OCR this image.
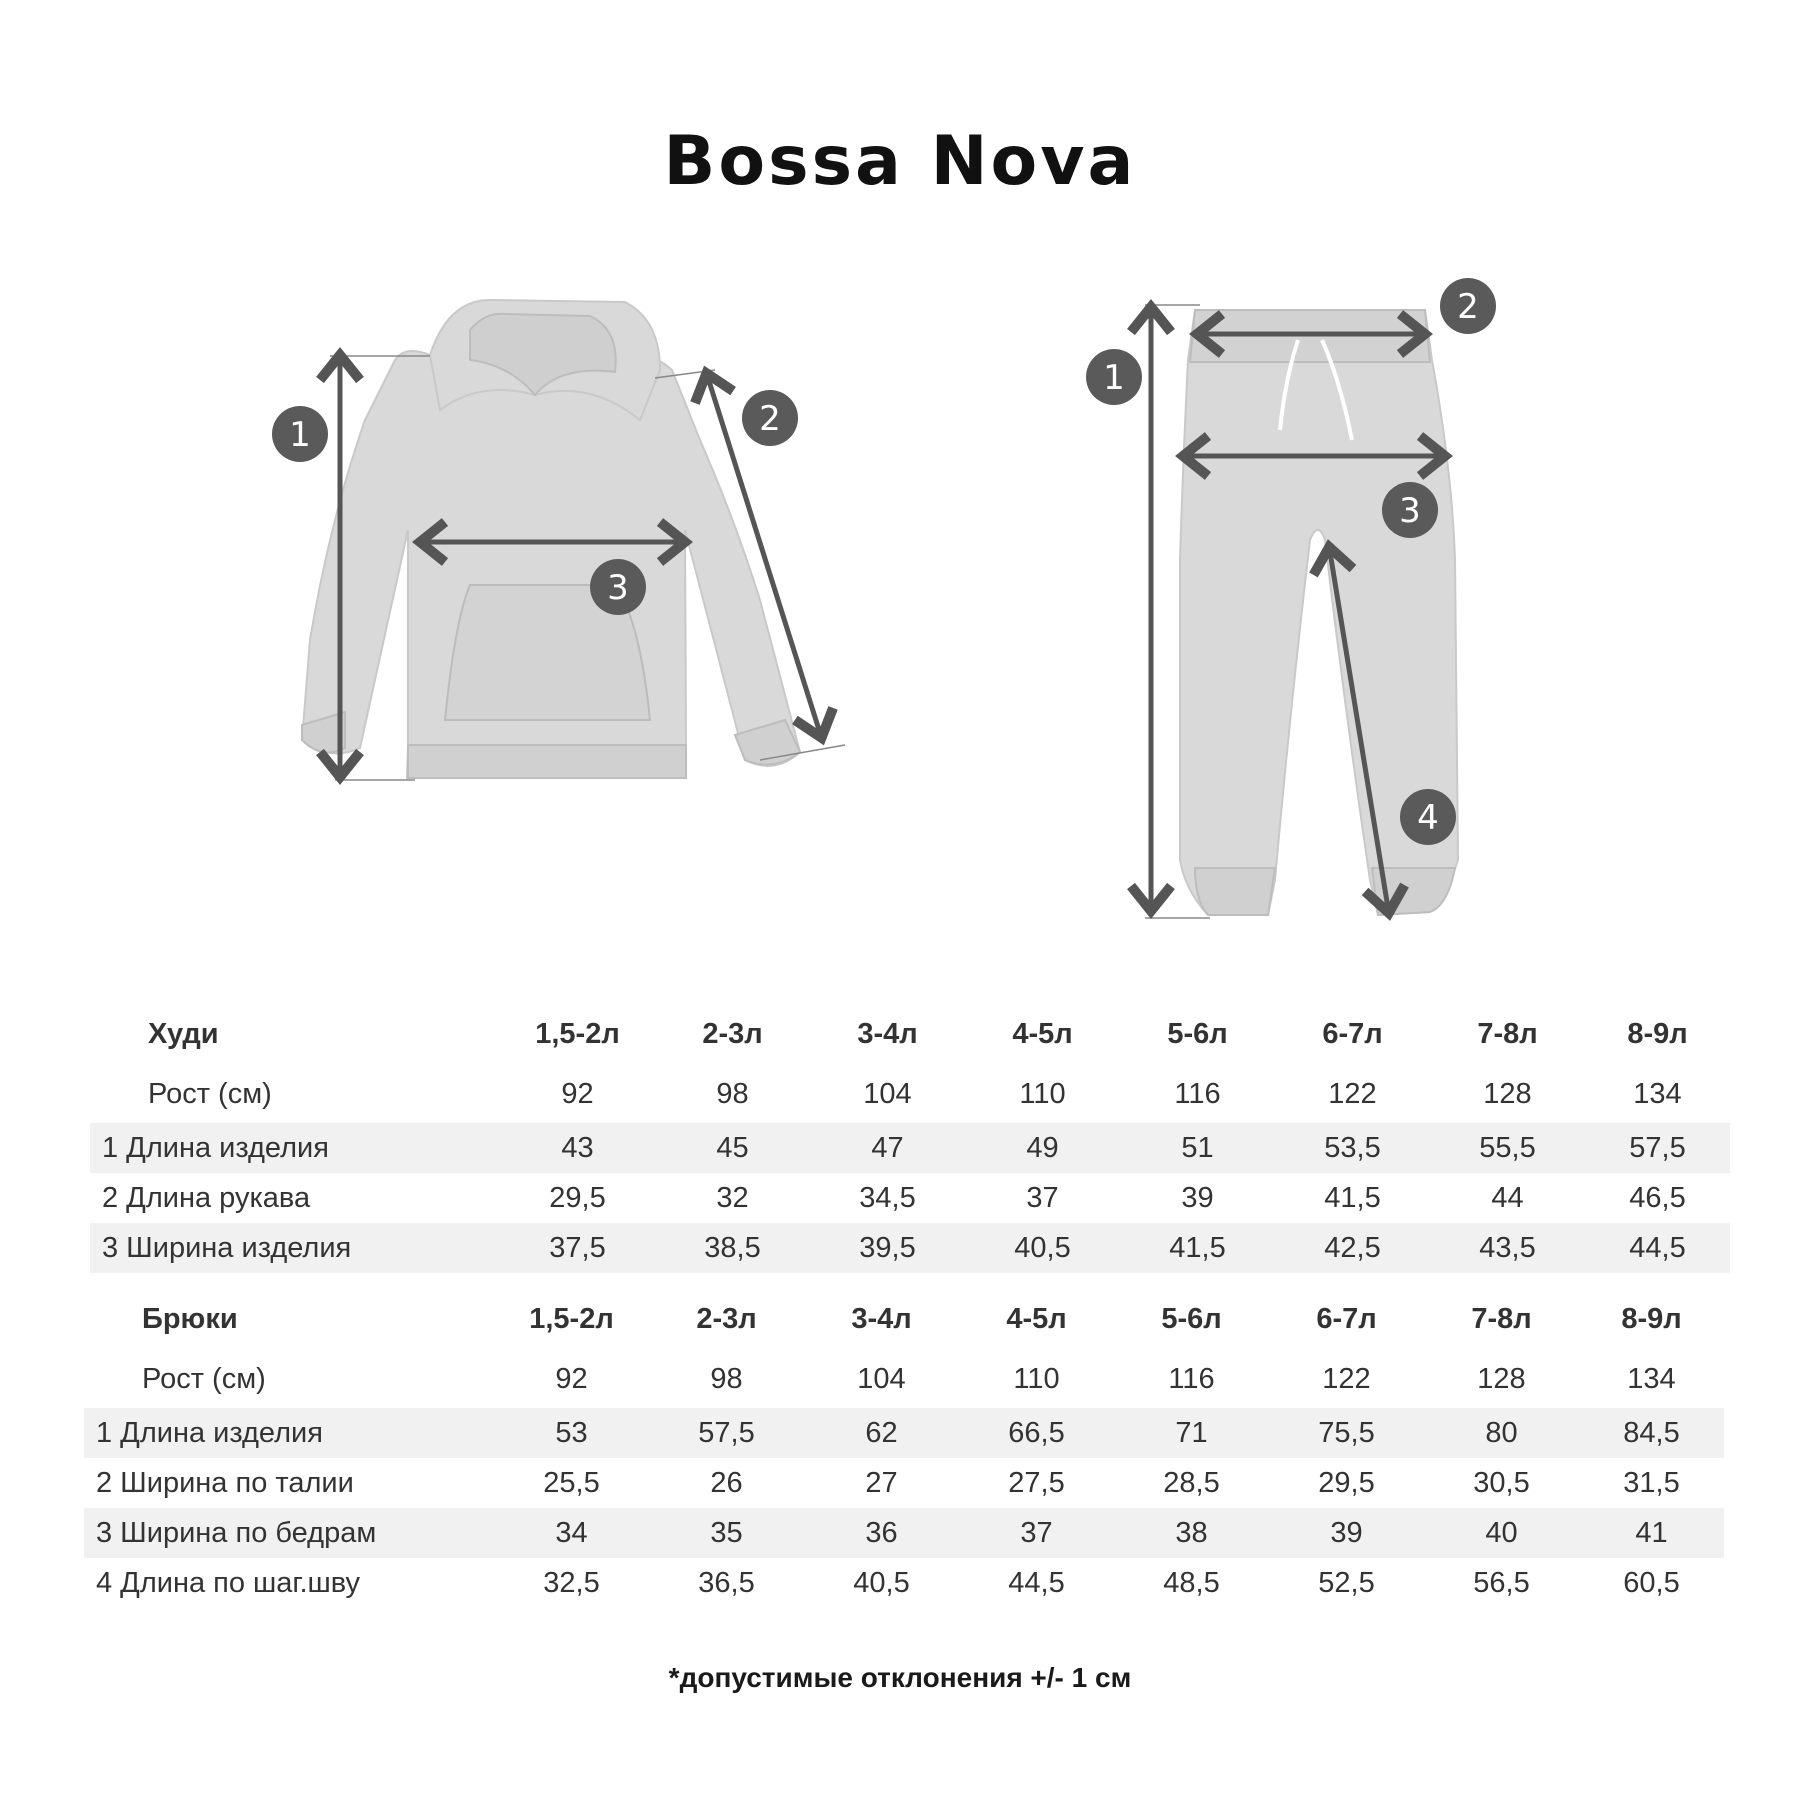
Bossa Nova
1	2
3
1
2
3
4
Худи	1,5-2л	2-3л	3-4л	4-5л	5-6л	6-7л	7-8л	8-9л
Рост (см)	92	98	104	110	116	122	128	134
1 Длина изделия	43	45	47	49	51	53,5	55,5	57,5
2 Длина рукава	29,5	32	34,5	37	39	41,5	44	46,5
3 Ширина изделия	37,5	38,5	39,5	40,5	41,5	42,5	43,5	44,5
Брюки	1,5-2л	2-3л	3-4л	4-5л	5-6л	6-7л	7-8л	8-9л
Рост (см)	92	98	104	110	116	122	128	134
1 Длина изделия	53	57,5	62	66,5	71	75,5	80	84,5
2 Ширина по талии	25,5	26	27	27,5	28,5	29,5	30,5	31,5
3 Ширина по бедрам	34	35	36	37	38	39	40	41
4 Длина по шаг.шву	32,5	36,5	40,5	44,5	48,5	52,5	56,5	60,5
*допустимые отклонения +/- 1 см
